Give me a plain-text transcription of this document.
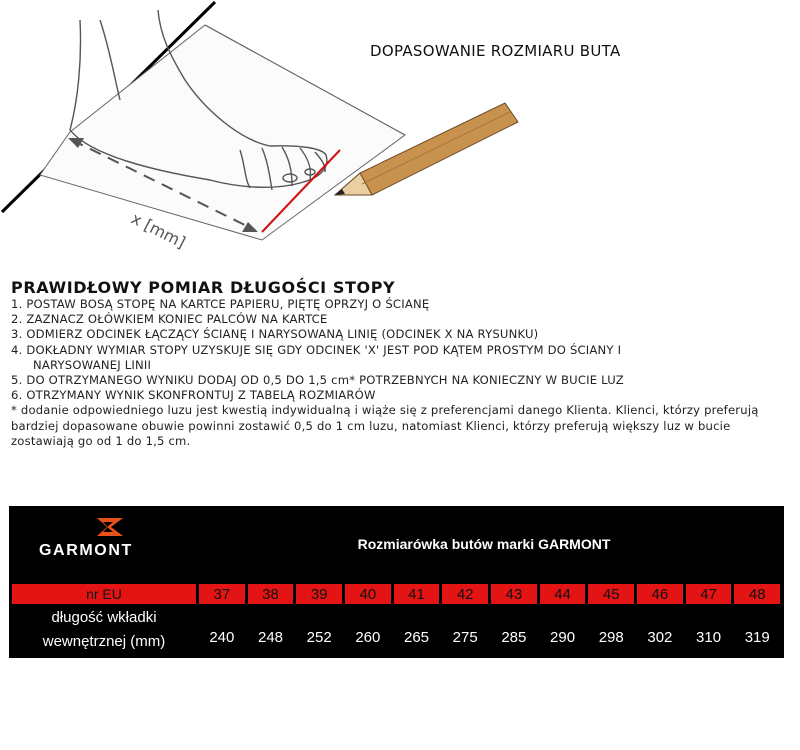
x [mm]
DOPASOWANIE ROZMIARU BUTA
PRAWIDŁOWY POMIAR DŁUGOŚCI STOPY
1. POSTAW BOSĄ STOPĘ NA KARTCE PAPIERU, PIĘTĘ OPRZYJ O ŚCIANĘ
2. ZAZNACZ OŁÓWKIEM KONIEC PALCÓW NA KARTCE
3. ODMIERZ ODCINEK ŁĄCZĄCY ŚCIANĘ I NARYSOWANĄ LINIĘ (ODCINEK X NA RYSUNKU)
4. DOKŁADNY WYMIAR STOPY UZYSKUJE SIĘ GDY ODCINEK 'X' JEST POD KĄTEM PROSTYM DO ŚCIANY I
NARYSOWANEJ LINII
5. DO OTRZYMANEGO WYNIKU DODAJ OD 0,5 DO 1,5 cm* POTRZEBNYCH NA KONIECZNY W BUCIE LUZ
6. OTRZYMANY WYNIK SKONFRONTUJ Z TABELĄ ROZMIARÓW
* dodanie odpowiedniego luzu jest kwestią indywidualną i wiąże się z preferencjami danego Klienta. Klienci, którzy preferują bardziej dopasowane obuwie powinni zostawić 0,5 do 1 cm luzu, natomiast Klienci, którzy preferują większy luz w bucie zostawiają go od 1 do 1,5 cm.
GARMONT	Rozmiarówka butów marki GARMONT
nr EU	37	38	39	40	41	42	43	44	45	46	47	48
długość wkładki
wewnętrznej (mm)	240	248	252	260	265	275	285	290	298	302	310	319
